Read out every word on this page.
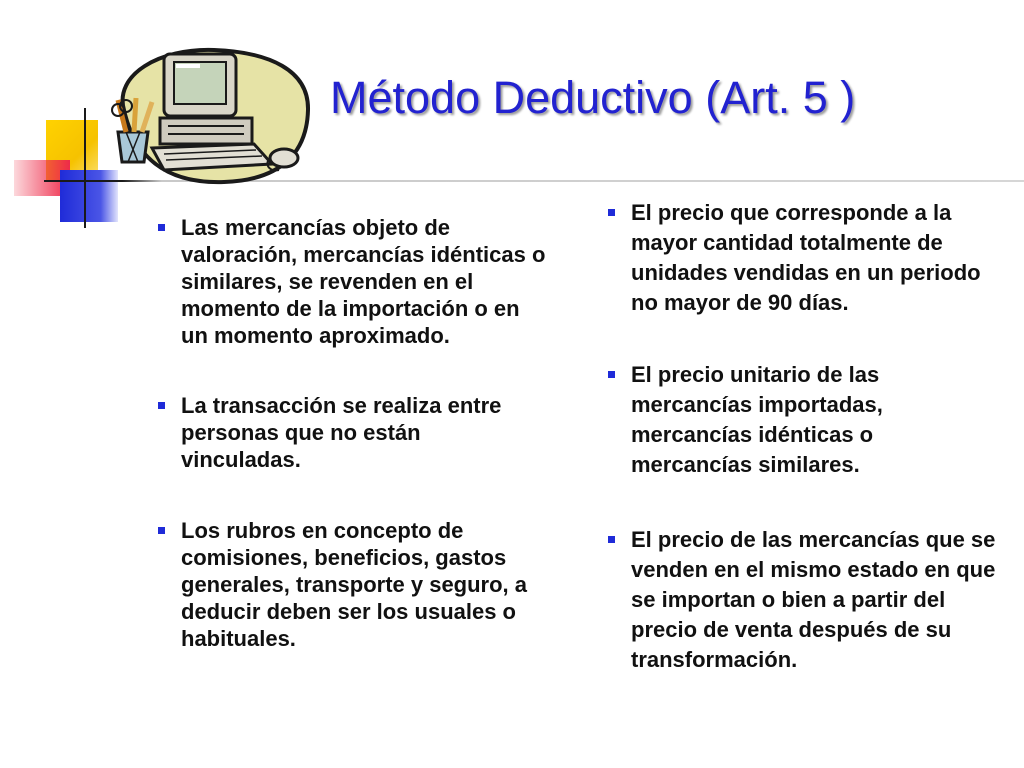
Método Deductivo (Art. 5 )
Las mercancías objeto de valoración, mercancías idénticas o similares, se revenden en el momento de la importación o en un momento aproximado.
La transacción se realiza entre personas que no están vinculadas.
Los rubros en concepto de comisiones, beneficios, gastos generales, transporte y seguro, a deducir deben ser los usuales o habituales.
El precio que corresponde a la mayor cantidad totalmente de unidades vendidas en un periodo no mayor de 90 días.
El precio unitario de las mercancías importadas, mercancías idénticas o mercancías similares.
El precio de las mercancías que se venden en el mismo estado en que se importan o bien a partir del precio de venta después de su transformación.
